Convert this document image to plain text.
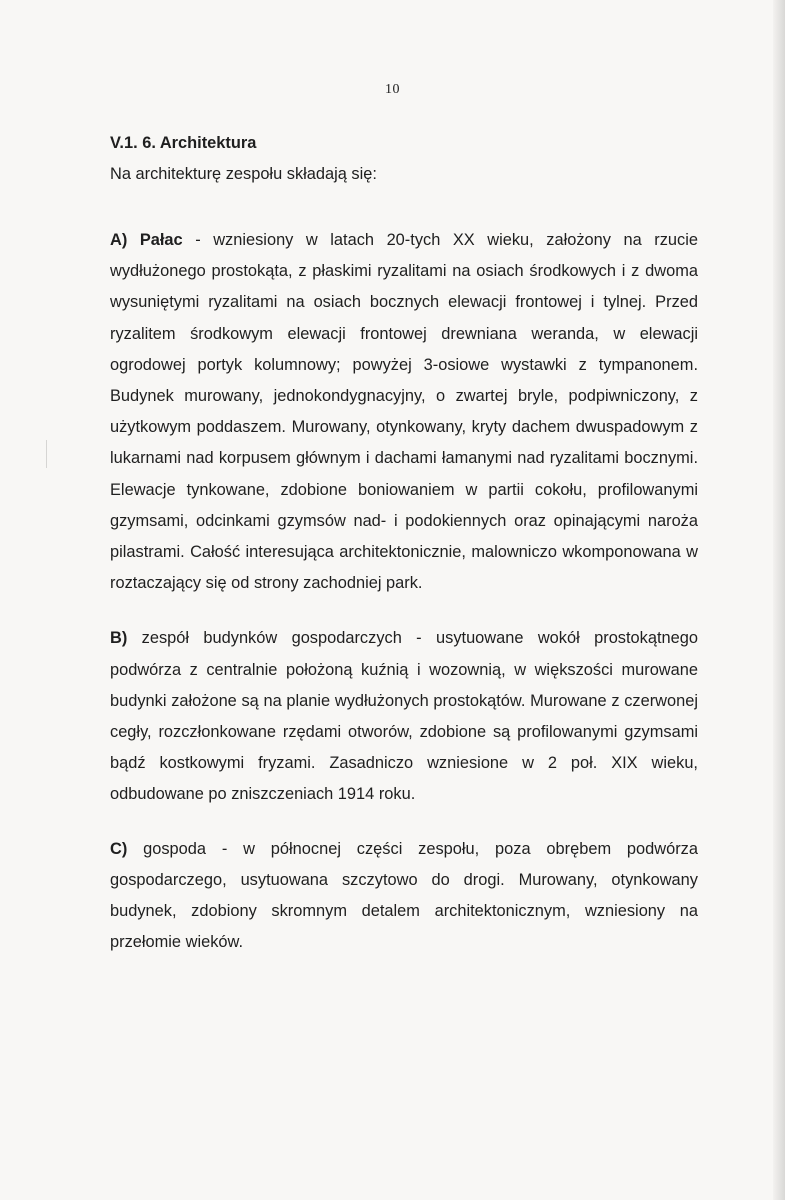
10

V.1. 6. Architektura

Na architekturę zespołu składają się:

A) Pałac - wzniesiony w latach 20-tych XX wieku, założony na rzucie wydłużonego prostokąta, z płaskimi ryzalitami na osiach środkowych i z dwoma wysuniętymi ryzalitami na osiach bocznych elewacji frontowej i tylnej. Przed ryzalitem środkowym elewacji frontowej drewniana weranda, w elewacji ogrodowej portyk kolumnowy; powyżej 3-osiowe wystawki z tympanonem. Budynek murowany, jednokondygnacyjny, o zwartej bryle, podpiwniczony, z użytkowym poddaszem. Murowany, otynkowany, kryty dachem dwuspadowym z lukarnami nad korpusem głównym i dachami łamanymi nad ryzalitami bocznymi. Elewacje tynkowane, zdobione boniowaniem w partii cokołu, profilowanymi gzymsami, odcinkami gzymsów nad- i podokiennych oraz opinającymi naroża pilastrami. Całość interesująca architektonicznie, malowniczo wkomponowana w roztaczający się od strony zachodniej park.

B) zespół budynków gospodarczych - usytuowane wokół prostokątnego podwórza z centralnie położoną kuźnią i wozownią, w większości murowane budynki założone są na planie wydłużonych prostokątów. Murowane z czerwonej cegły, rozczłonkowane rzędami otworów, zdobione są profilowanymi gzymsami bądź kostkowymi fryzami. Zasadniczo wzniesione w 2 poł. XIX wieku, odbudowane po zniszczeniach 1914 roku.

C) gospoda - w północnej części zespołu, poza obrębem podwórza gospodarczego, usytuowana szczytowo do drogi. Murowany, otynkowany budynek, zdobiony skromnym detalem architektonicznym, wzniesiony na przełomie wieków.
